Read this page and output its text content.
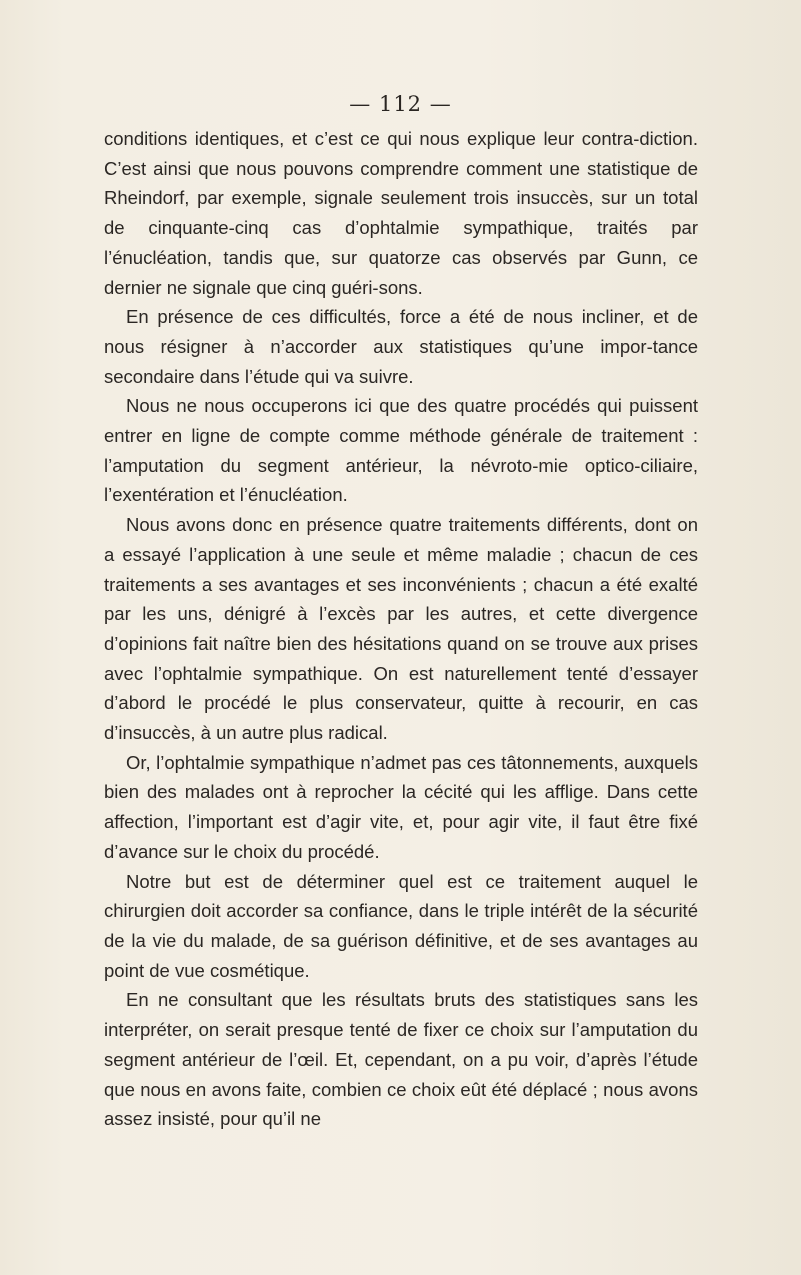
— 112 —

conditions identiques, et c’est ce qui nous explique leur contra-diction. C’est ainsi que nous pouvons comprendre comment une statistique de Rheindorf, par exemple, signale seulement trois insuccès, sur un total de cinquante-cinq cas d’ophtalmie sympathique, traités par l’énucléation, tandis que, sur quatorze cas observés par Gunn, ce dernier ne signale que cinq guéri-sons.

En présence de ces difficultés, force a été de nous incliner, et de nous résigner à n’accorder aux statistiques qu’une impor-tance secondaire dans l’étude qui va suivre.

Nous ne nous occuperons ici que des quatre procédés qui puissent entrer en ligne de compte comme méthode générale de traitement : l’amputation du segment antérieur, la névroto-mie optico-ciliaire, l’exentération et l’énucléation.

Nous avons donc en présence quatre traitements différents, dont on a essayé l’application à une seule et même maladie ; chacun de ces traitements a ses avantages et ses inconvénients ; chacun a été exalté par les uns, dénigré à l’excès par les autres, et cette divergence d’opinions fait naître bien des hésitations quand on se trouve aux prises avec l’ophtalmie sympathique. On est naturellement tenté d’essayer d’abord le procédé le plus conservateur, quitte à recourir, en cas d’insuccès, à un autre plus radical.

Or, l’ophtalmie sympathique n’admet pas ces tâtonnements, auxquels bien des malades ont à reprocher la cécité qui les afflige. Dans cette affection, l’important est d’agir vite, et, pour agir vite, il faut être fixé d’avance sur le choix du procédé.

Notre but est de déterminer quel est ce traitement auquel le chirurgien doit accorder sa confiance, dans le triple intérêt de la sécurité de la vie du malade, de sa guérison définitive, et de ses avantages au point de vue cosmétique.

En ne consultant que les résultats bruts des statistiques sans les interpréter, on serait presque tenté de fixer ce choix sur l’amputation du segment antérieur de l’œil. Et, cependant, on a pu voir, d’après l’étude que nous en avons faite, combien ce choix eût été déplacé ; nous avons assez insisté, pour qu’il ne
